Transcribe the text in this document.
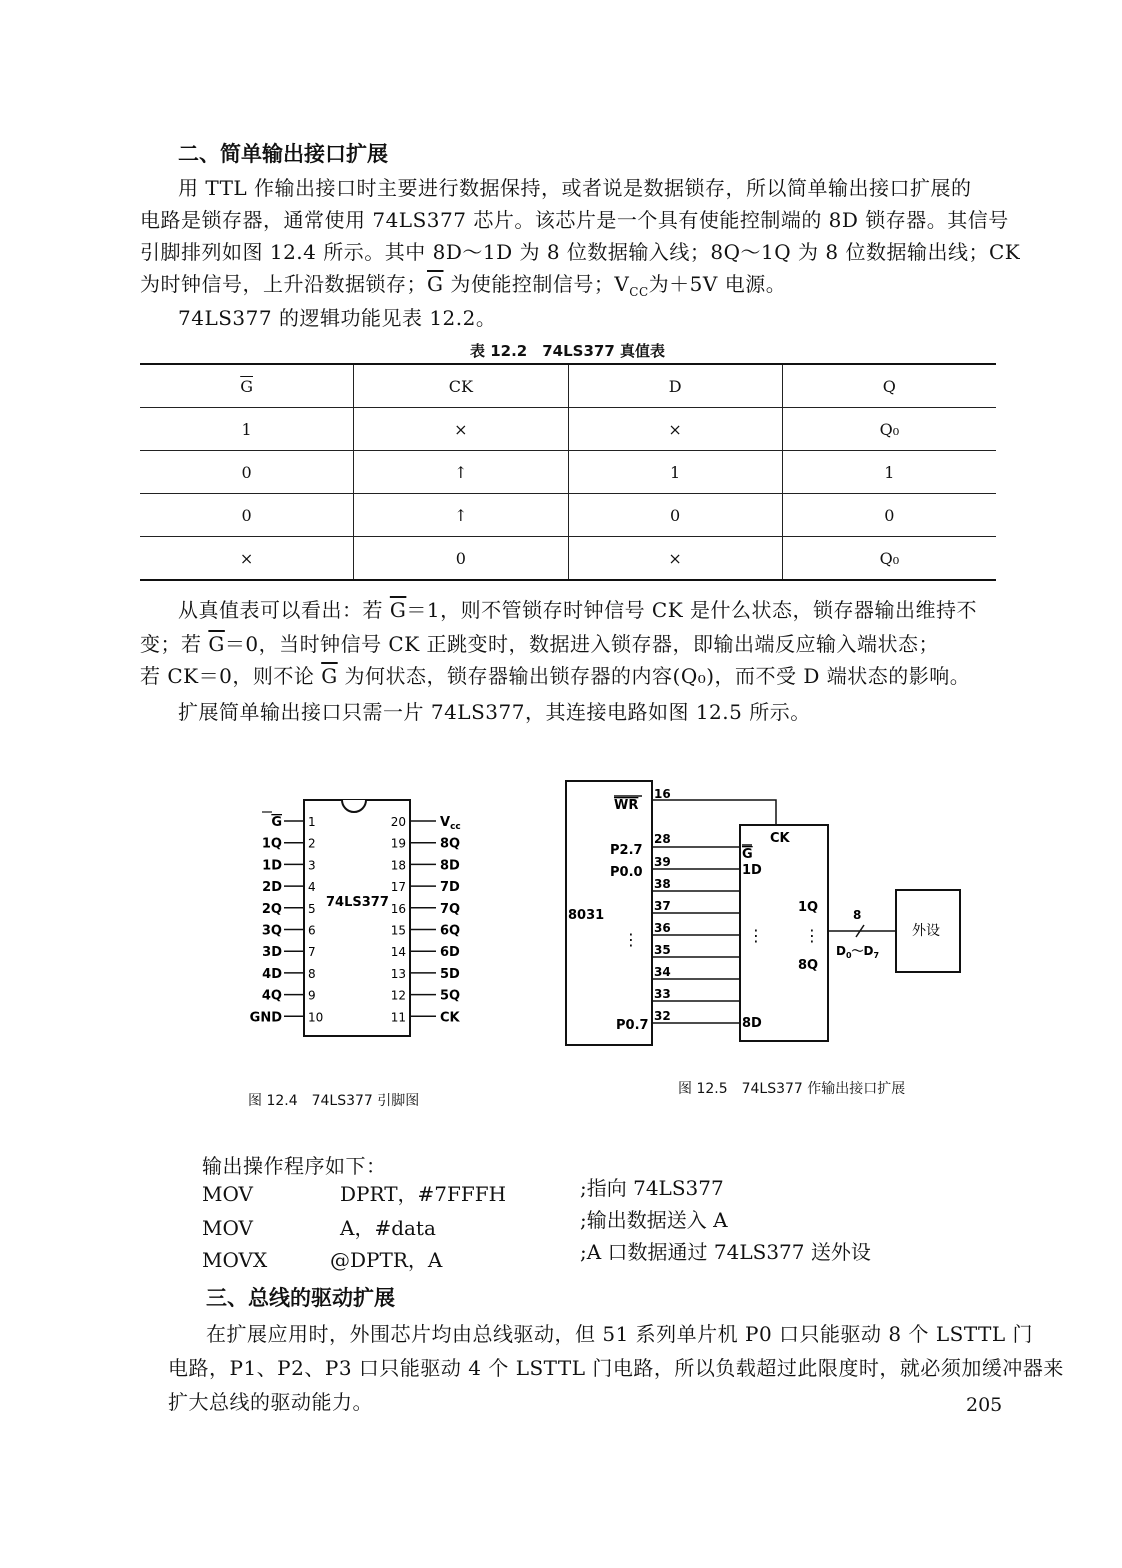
二、简单输出接口扩展
用 TTL 作输出接口时主要进行数据保持，或者说是数据锁存，所以简单输出接口扩展的
电路是锁存器，通常使用 74LS377 芯片。该芯片是一个具有使能控制端的 8D 锁存器。其信号
引脚排列如图 12.4 所示。其中 8D～1D 为 8 位数据输入线；8Q～1Q 为 8 位数据输出线；CK
为时钟信号，上升沿数据锁存；$\overline{G}$ 为使能控制信号；$V_{CC}$为＋5V 电源。
74LS377 的逻辑功能见表 12.2。
表 12.2　74LS377 真值表
$\overline{G}$	CK	D	Q
1	×	×	Q₀
0	↑	1	1
0	↑	0	0
×	0	×	Q₀
从真值表可以看出：若 $\overline{G}=1$，则不管锁存时钟信号 CK 是什么状态，锁存器输出维持不
变；若 $\overline{G}=0$，当时钟信号 CK 正跳变时，数据进入锁存器，即输出端反应输入端状态；
若 CK＝0，则不论 $\overline{G}$ 为何状态，锁存器输出锁存器的内容(Q₀)，而不受 D 端状态的影响。
扩展简单输出接口只需一片 74LS377，其连接电路如图 12.5 所示。
74LS377
G 1
1Q 2
1D 3
2D 4
2Q 5
3Q 6
3D 7
4D 8
4Q 9
GND 10
$V_{cc}$
20
8Q
19
8D
18
7D
17
7Q
16
6Q
15
6D
14
5D
13
5Q
12
CK
11
图 12.4　74LS377 引脚图
8031
WR
16
P2.7
28
P0.0
⋮
P0.7
39
38
37
36
35
34
33
32
CK
G
1D
⋮
8D
1Q
⋮
8Q
8
$D_0\sim D_7$
外设
图 12.5　74LS377 作输出接口扩展
输出操作程序如下：
MOV	DPRT，#7FFFH	;指向 74LS377
MOV	A，#data	;输出数据送入 A
MOVX	@DPTR，A	;A 口数据通过 74LS377 送外设
三、总线的驱动扩展
在扩展应用时，外围芯片均由总线驱动，但 51 系列单片机 P0 口只能驱动 8 个 LSTTL 门
电路，P1、P2、P3 口只能驱动 4 个 LSTTL 门电路，所以负载超过此限度时，就必须加缓冲器来
扩大总线的驱动能力。	205
